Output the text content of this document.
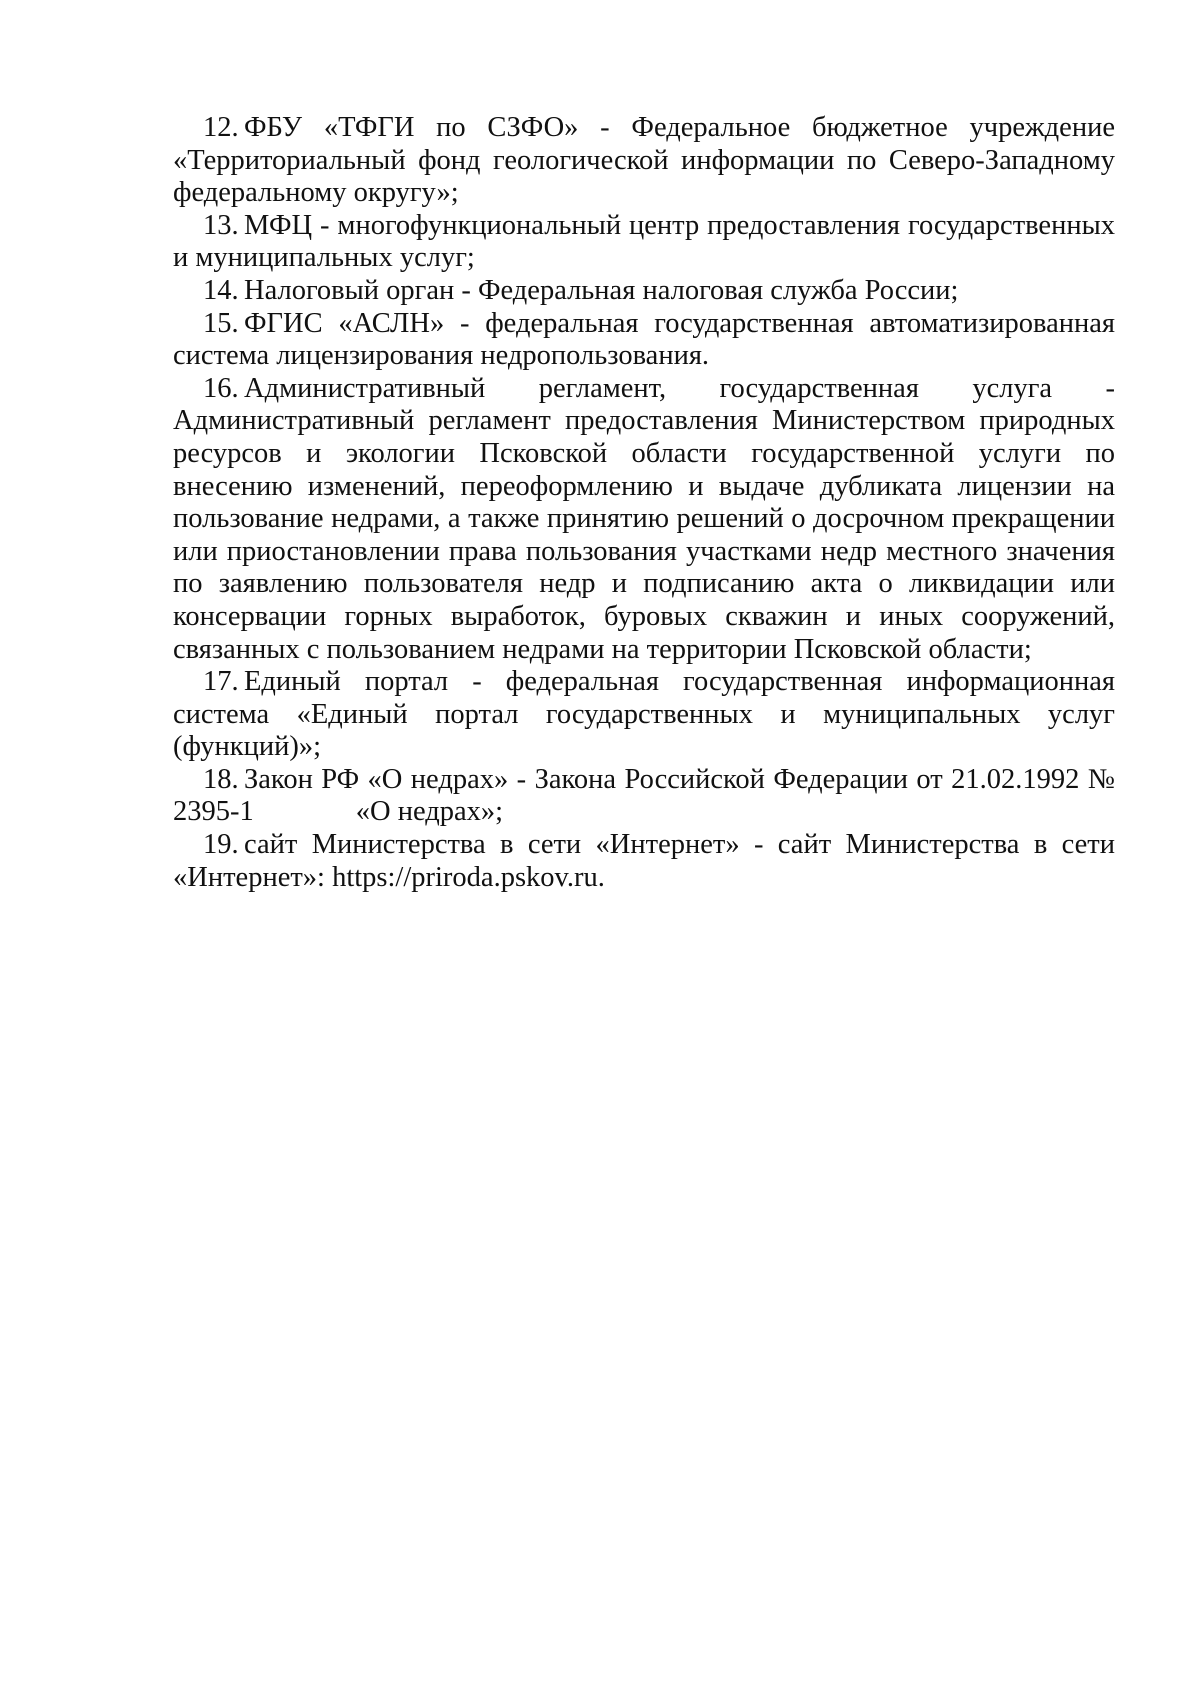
12. ФБУ «ТФГИ по СЗФО» - Федеральное бюджетное учреждение «Территориальный фонд геологической информации по Северо-Западному федеральному округу»;

13. МФЦ - многофункциональный центр предоставления государственных и муниципальных услуг;

14. Налоговый орган - Федеральная налоговая служба России;

15. ФГИС «АСЛН» - федеральная государственная автоматизированная система лицензирования недропользования.

16. Административный регламент, государственная услуга - Административный регламент предоставления Министерством природных ресурсов и экологии Псковской области государственной услуги по внесению изменений, переоформлению и выдаче дубликата лицензии на пользование недрами, а также принятию решений о досрочном прекращении или приостановлении права пользования участками недр местного значения по заявлению пользователя недр и подписанию акта о ликвидации или консервации горных выработок, буровых скважин и иных сооружений, связанных с пользованием недрами на территории Псковской области;

17. Единый портал - федеральная государственная информационная система «Единый портал государственных и муниципальных услуг (функций)»;

18. Закон РФ «О недрах» - Закона Российской Федерации от 21.02.1992 № 2395-1	«О недрах»;

19. сайт Министерства в сети «Интернет» - сайт Министерства в сети «Интернет»: https://priroda.pskov.ru.
